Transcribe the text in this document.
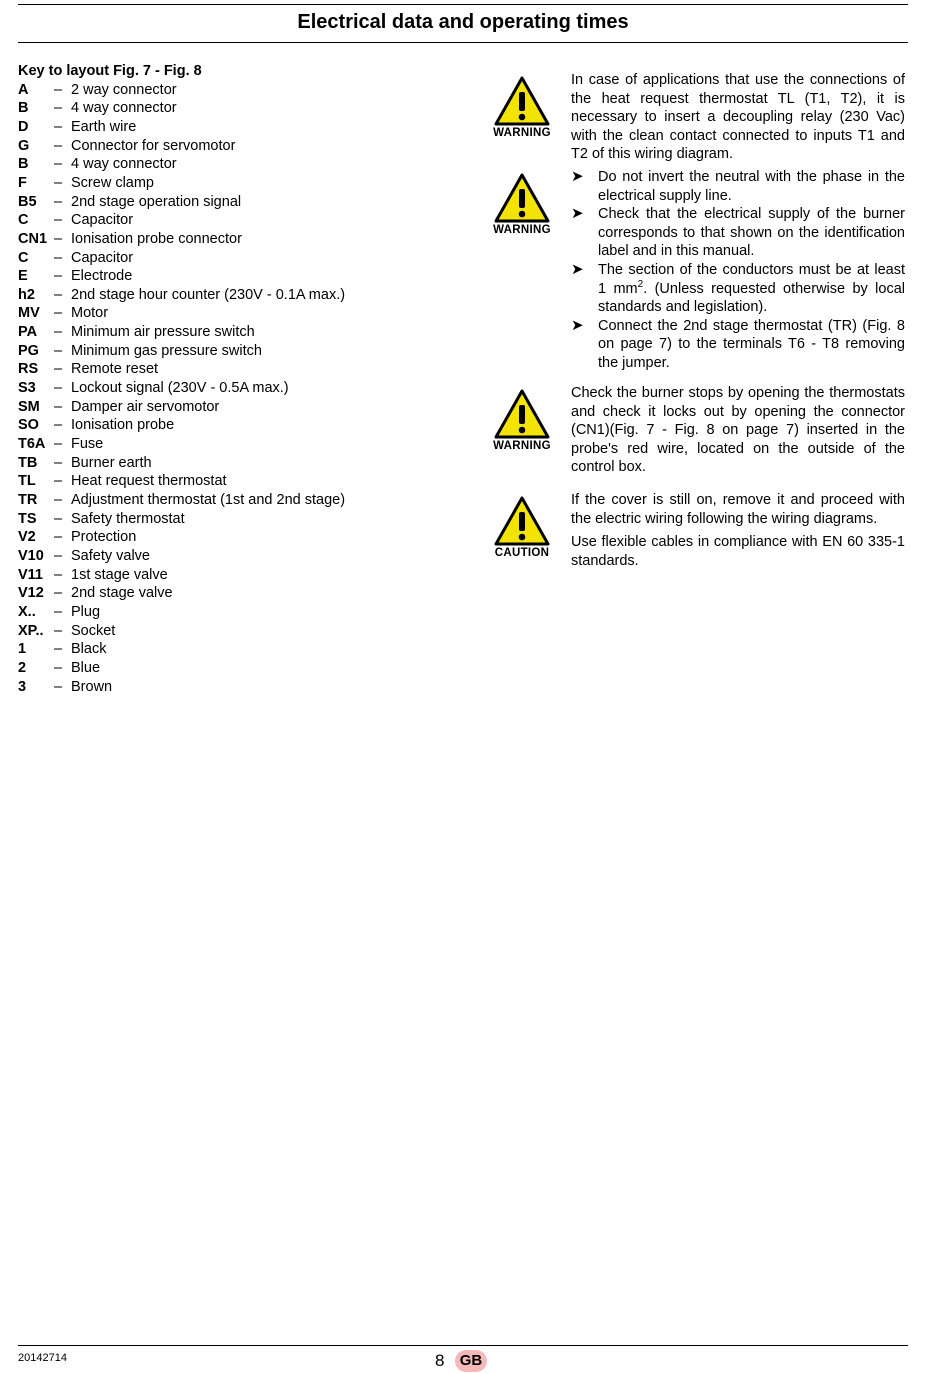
Electrical data and operating times
Key to layout Fig. 7 - Fig. 8
A	– 2 way connector
B	– 4 way connector
D	– Earth wire
G	– Connector for servomotor
B	– 4 way connector
F	– Screw clamp
B5	– 2nd stage operation signal
C	– Capacitor
CN1 – Ionisation probe connector
C	– Capacitor
E	– Electrode
h2	– 2nd stage hour counter (230V - 0.1A max.)
MV – Motor
PA	– Minimum air pressure switch
PG	– Minimum gas pressure switch
RS	– Remote reset
S3	– Lockout signal (230V - 0.5A max.)
SM – Damper air servomotor
SO	– Ionisation probe
T6A – Fuse
TB	– Burner earth
TL	– Heat request thermostat
TR	– Adjustment thermostat (1st and 2nd stage)
TS	– Safety thermostat
V2	– Protection
V10 – Safety valve
V11 – 1st stage valve
V12 – 2nd stage valve
X..	– Plug
XP.. – Socket
1	– Black
2	– Blue
3	– Brown
WARNING
WARNING
WARNING
CAUTION

In case of applications that use the connections of the heat request thermostat TL (T1, T2), it is necessary to insert a decoupling relay (230 Vac) with the clean contact connected to inputs T1 and T2 of this wiring diagram.

➤ Do not invert the neutral with the phase in the electrical supply line.
➤ Check that the electrical supply of the burner corresponds to that shown on the identification label and in this manual.
➤ The section of the conductors must be at least 1 $mm^2$. (Unless requested otherwise by local standards and legislation).
➤ Connect the 2nd stage thermostat (TR) (Fig. 8 on page 7) to the terminals T6 - T8 removing the jumper.

Check the burner stops by opening the thermostats and check it locks out by opening the connector (CN1)(Fig. 7 - Fig. 8 on page 7) inserted in the probe's red wire, located on the outside of the control box.

If the cover is still on, remove it and proceed with the electric wiring following the wiring diagrams.

Use flexible cables in compliance with EN 60 335-1 standards.

20142714	8	GB
